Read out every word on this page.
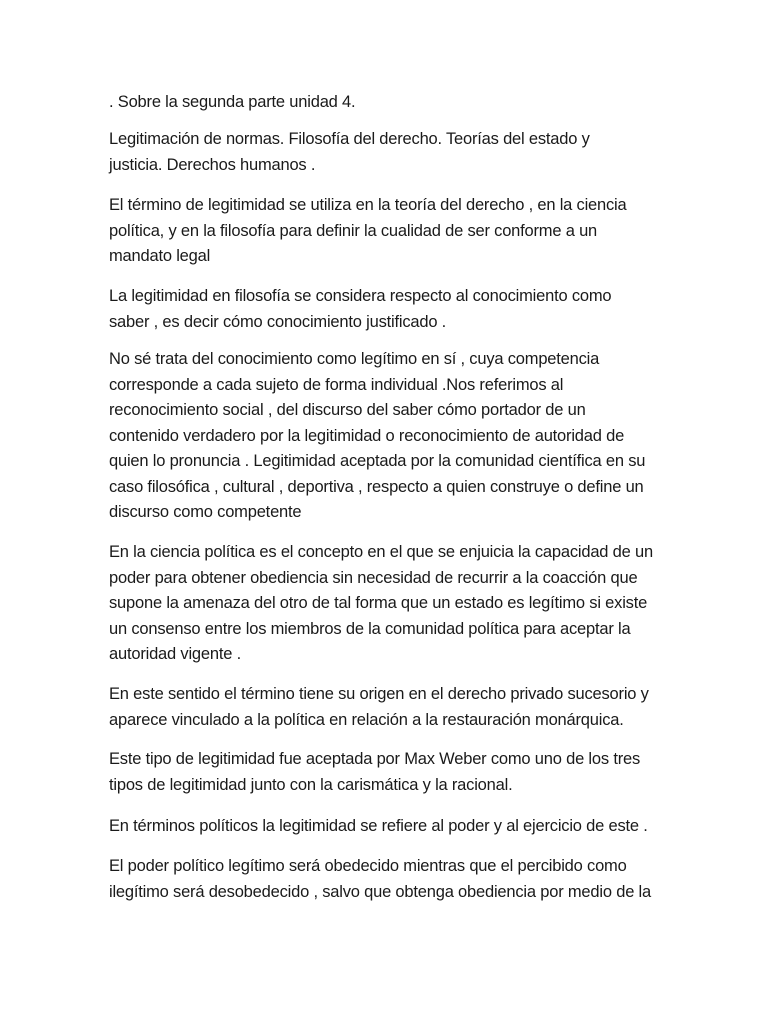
. Sobre la segunda parte unidad 4.

Legitimación de normas. Filosofía del derecho. Teorías del estado y
justicia. Derechos humanos .

El término de legitimidad se utiliza en la teoría del derecho , en la ciencia
política, y en la filosofía para definir la cualidad de ser conforme a un
mandato legal

La legitimidad en filosofía se considera respecto al conocimiento como
saber , es decir cómo conocimiento justificado .

No sé trata del conocimiento como legítimo en sí , cuya competencia
corresponde a cada sujeto de forma individual .Nos referimos al
reconocimiento social , del discurso del saber cómo portador de un
contenido verdadero por la legitimidad o reconocimiento de autoridad de
quien lo pronuncia . Legitimidad aceptada por la comunidad científica en su
caso filosófica , cultural , deportiva , respecto a quien construye o define un
discurso como competente

En la ciencia política es el concepto en el que se enjuicia la capacidad de un
poder para obtener obediencia sin necesidad de recurrir a la coacción que
supone la amenaza del otro de tal forma que un estado es legítimo si existe
un consenso entre los miembros de la comunidad política para aceptar la
autoridad vigente .

En este sentido el término tiene su origen en el derecho privado sucesorio y
aparece vinculado a la política en relación a la restauración monárquica.

Este tipo de legitimidad fue aceptada por Max Weber como uno de los tres
tipos de legitimidad junto con la carismática y la racional.

En términos políticos la legitimidad se refiere al poder y al ejercicio de este .

El poder político legítimo será obedecido mientras que el percibido como
ilegítimo será desobedecido , salvo que obtenga obediencia por medio de la
